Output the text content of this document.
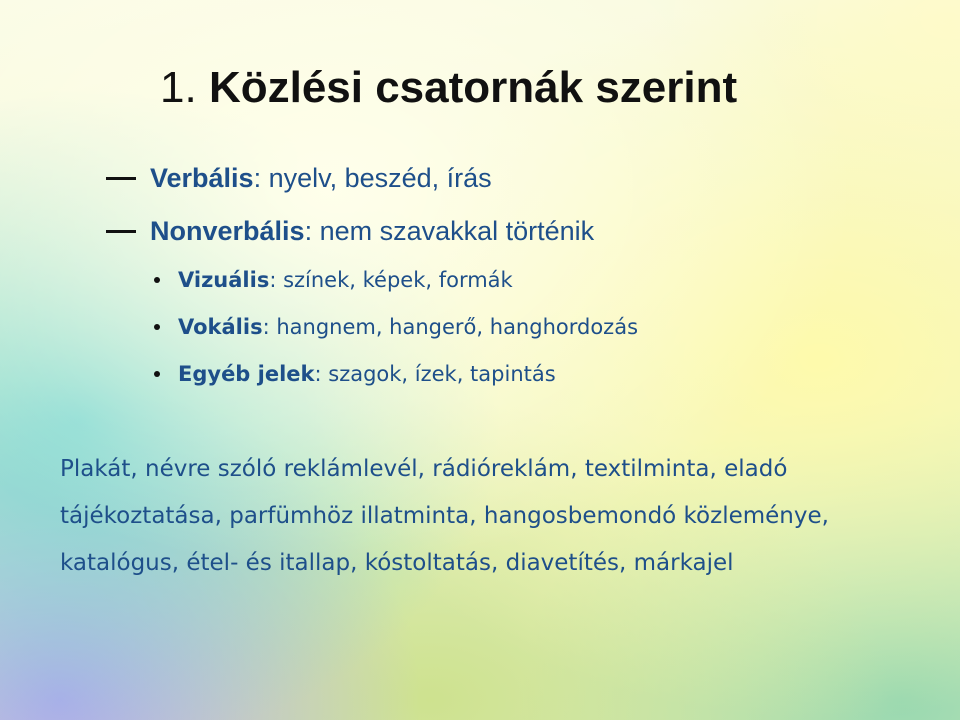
1. Közlési csatornák szerint
Verbális : nyelv, beszéd, írás
Nonverbális : nem szavakkal történik
Vizuális : színek, képek, formák
Vokális : hangnem, hangerő, hanghordozás
Egyéb jelek : szagok, ízek, tapintás

Plakát, névre szóló reklámlevél, rádióreklám, textilminta, eladó tájékoztatása, parfümhöz illatminta, hangosbemondó közleménye, katalógus, étel- és itallap, kóstoltatás, diavetítés, márkajel
